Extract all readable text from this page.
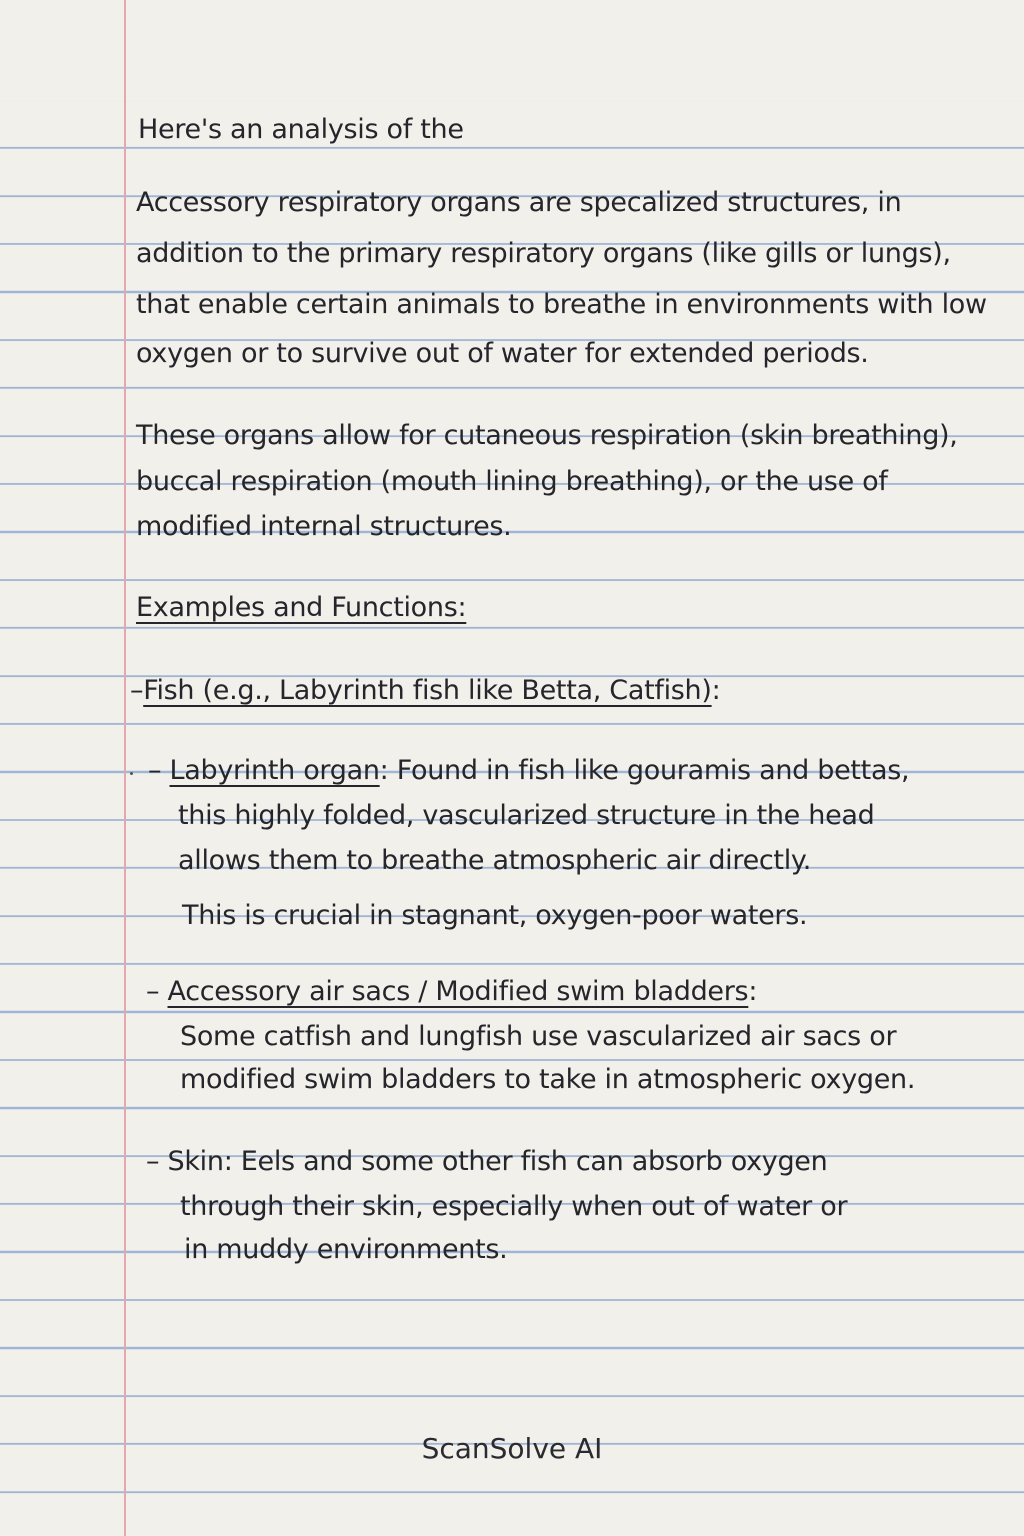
Here's an analysis of the
Accessory respiratory organs are specalized structures, in
addition to the primary respiratory organs (like gills or lungs),
that enable certain animals to breathe in environments with low
oxygen or to survive out of water for extended periods.
These organs allow for cutaneous respiration (skin breathing),
buccal respiration (mouth lining breathing), or the use of
modified internal structures.
Examples and Functions:
–Fish (e.g., Labyrinth fish like Betta, Catfish):
– Labyrinth organ: Found in fish like gouramis and bettas,
this highly folded, vascularized structure in the head
allows them to breathe atmospheric air directly.
This is crucial in stagnant, oxygen-poor waters.
– Accessory air sacs / Modified swim bladders:
Some catfish and lungfish use vascularized air sacs or
modified swim bladders to take in atmospheric oxygen.
– Skin: Eels and some other fish can absorb oxygen
through their skin, especially when out of water or
in muddy environments.
ScanSolve AI
